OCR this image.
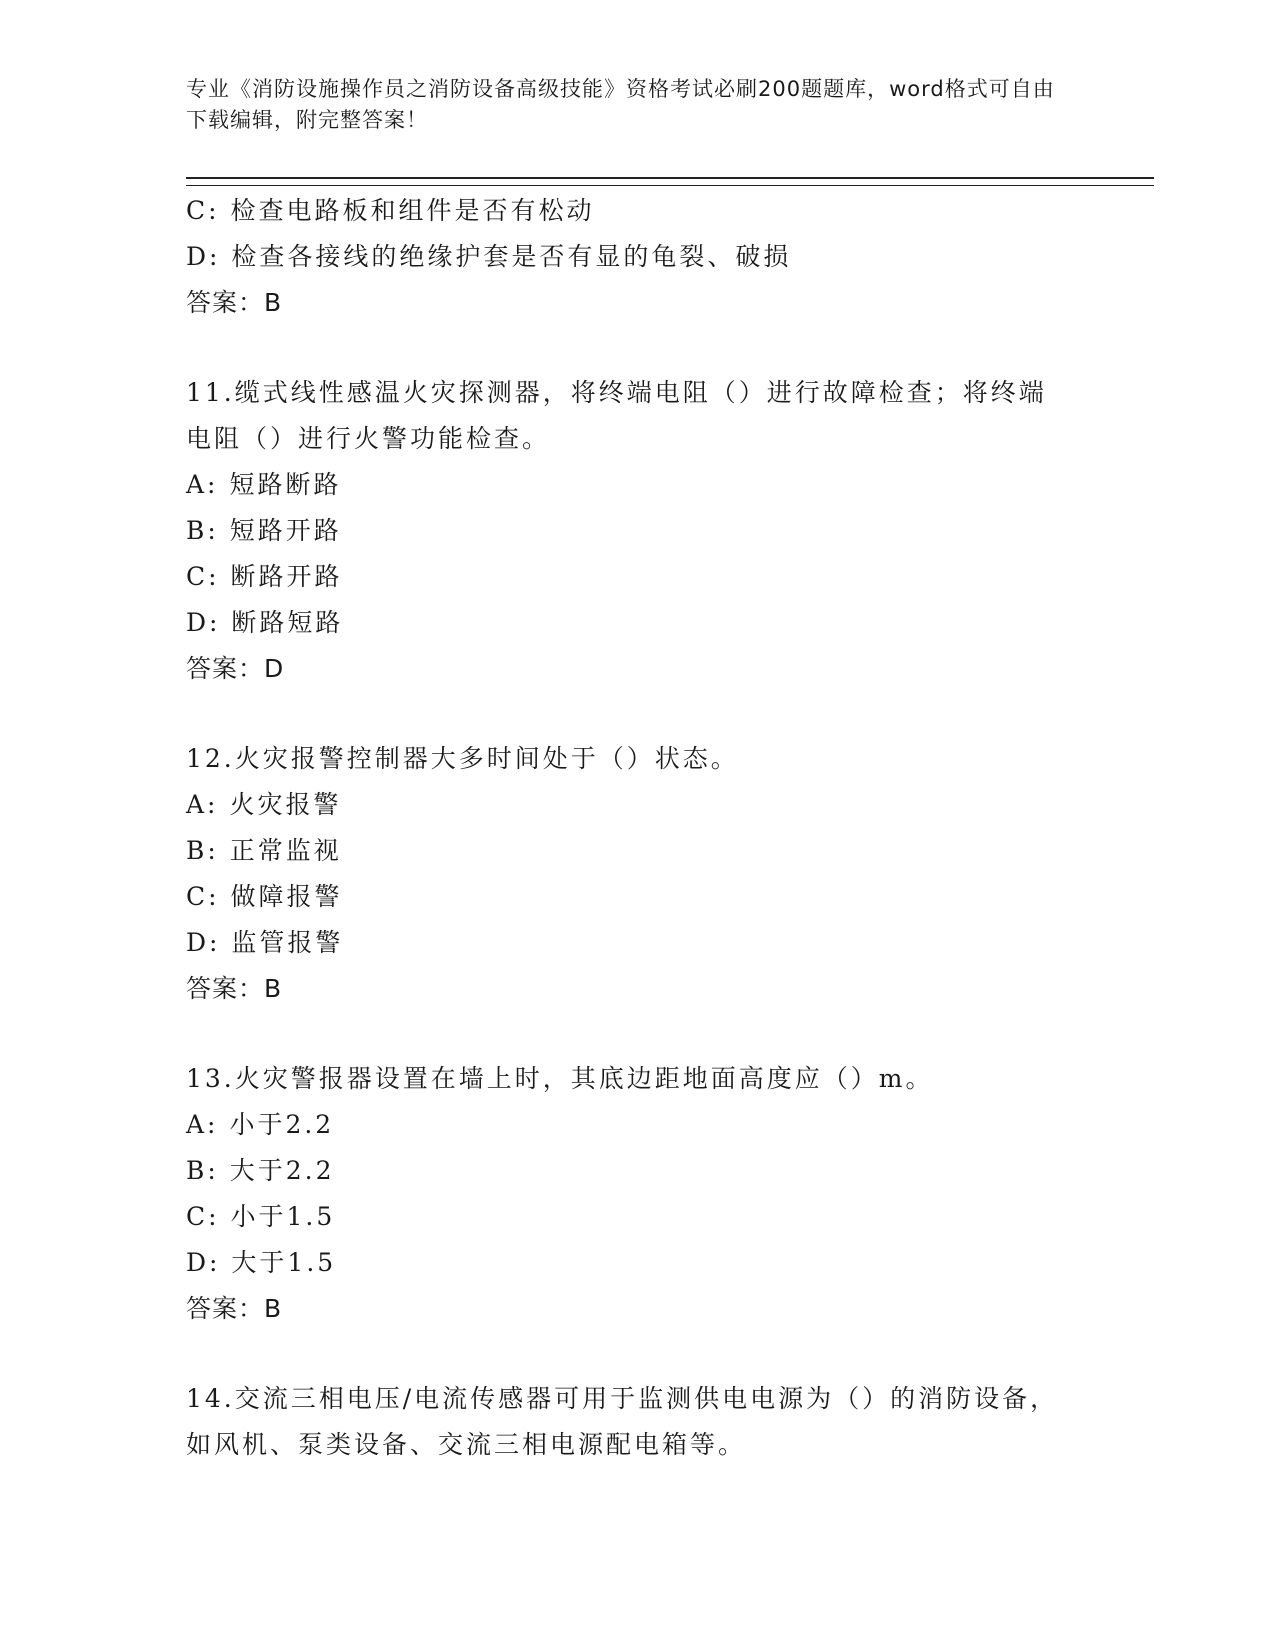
专业《消防设施操作员之消防设备高级技能》资格考试必刷200题题库，word格式可自由下载编辑，附完整答案！
C: 检查电路板和组件是否有松动
D: 检查各接线的绝缘护套是否有显的龟裂、破损
答案：B
11.缆式线性感温火灾探测器，将终端电阻（）进行故障检查；将终端电阻（）进行火警功能检查。
A: 短路断路
B: 短路开路
C: 断路开路
D: 断路短路
答案：D
12.火灾报警控制器大多时间处于（）状态。
A: 火灾报警
B: 正常监视
C: 做障报警
D: 监管报警
答案：B
13.火灾警报器设置在墙上时，其底边距地面高度应（）m。
A: 小于2.2
B: 大于2.2
C: 小于1.5
D: 大于1.5
答案：B
14.交流三相电压/电流传感器可用于监测供电电源为（）的消防设备，如风机、泵类设备、交流三相电源配电箱等。
